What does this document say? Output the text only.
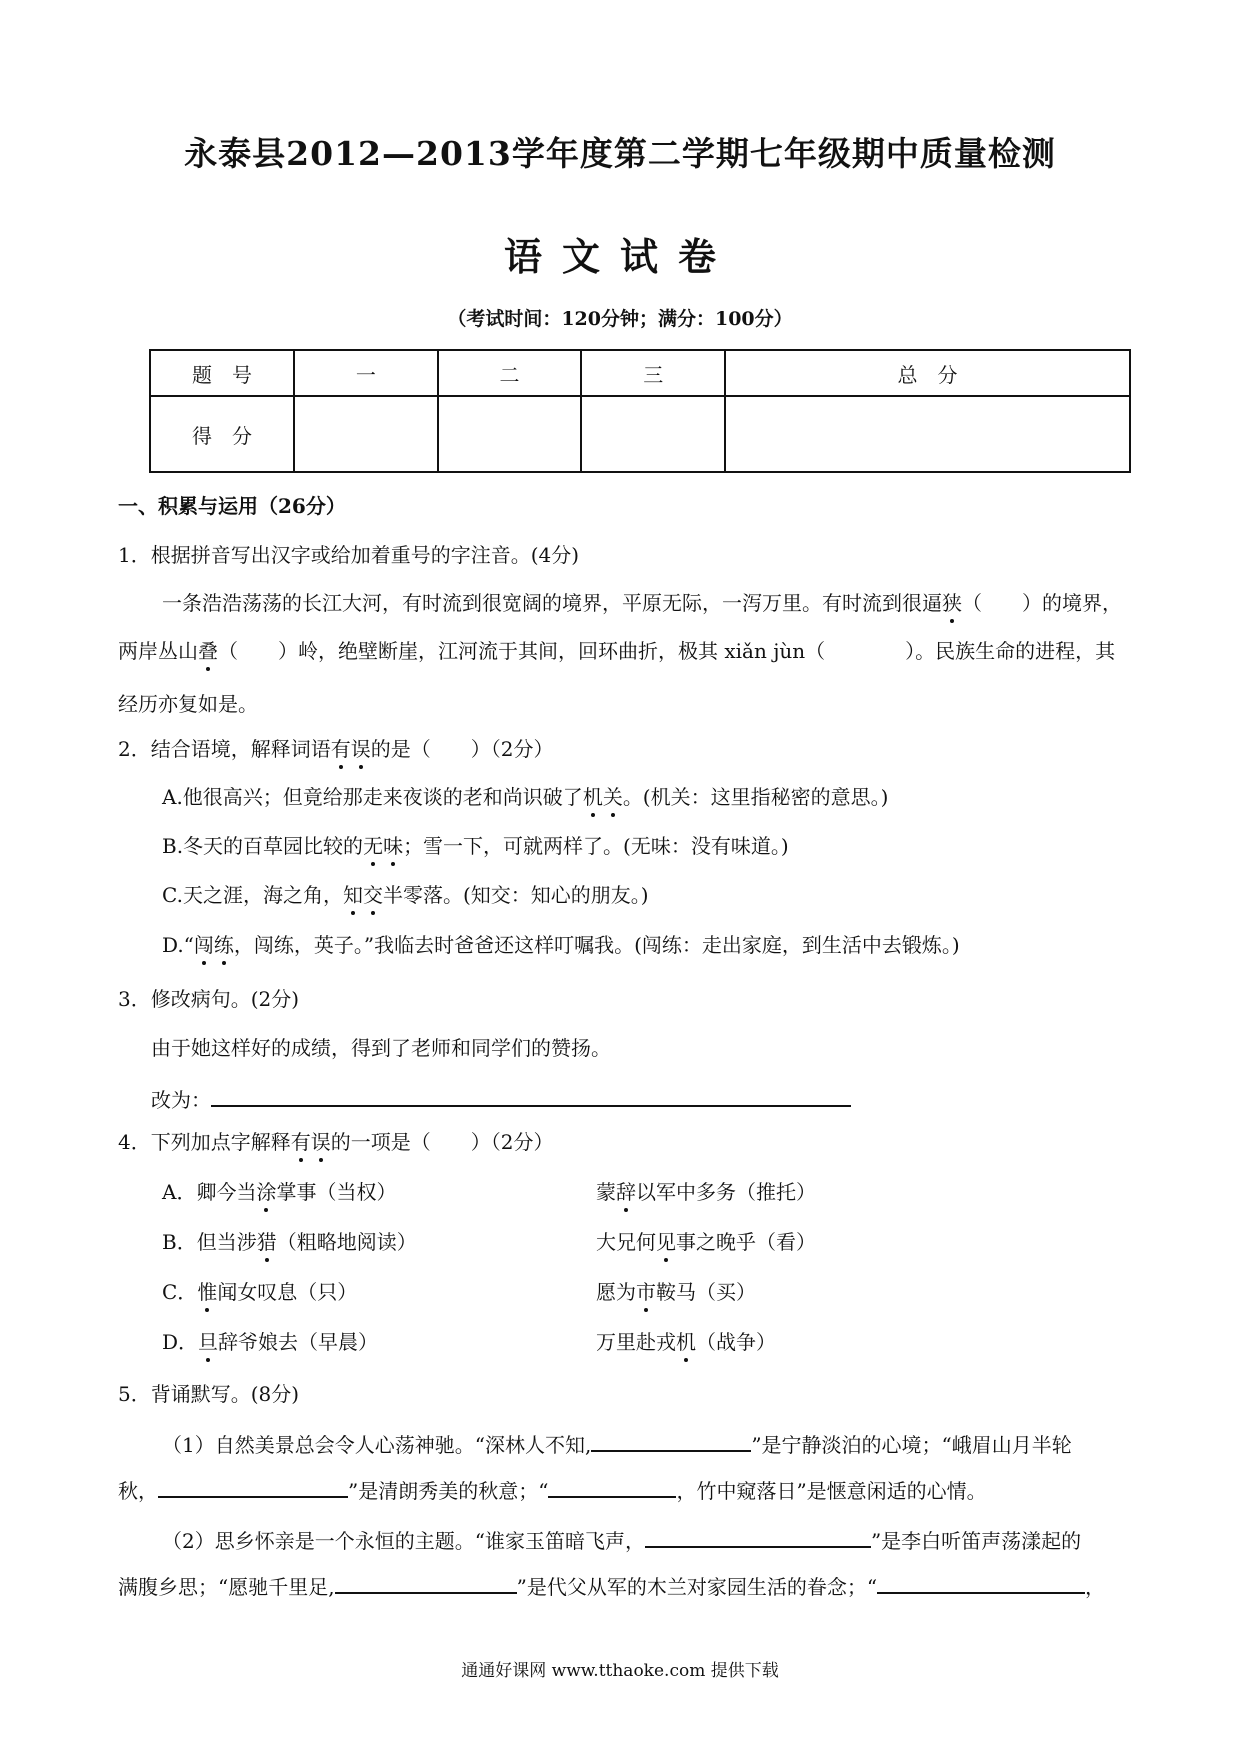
永泰县2012—2013学年度第二学期七年级期中质量检测
语文试卷
（考试时间：120分钟；满分：100分）
题　号	一	二	三	总　分
得　分				
一、积累与运用（26分）
1．根据拼音写出汉字或给加着重号的字注音。(4分)
一条浩浩荡荡的长江大河，有时流到很宽阔的境界，平原无际，一泻万里。有时流到很逼狭（　　）的境界，
两岸丛山叠（　　）岭，绝壁断崖，江河流于其间，回环曲折，极其 xiǎn jùn（　　　　）。民族生命的进程，其
经历亦复如是。
2．结合语境，解释词语有误的是（　　）（2分）
A.他很高兴；但竟给那走来夜谈的老和尚识破了机关。(机关：这里指秘密的意思。)
B.冬天的百草园比较的无味；雪一下，可就两样了。(无味：没有味道。)
C.天之涯，海之角，知交半零落。(知交：知心的朋友。)
D.“闯练，闯练，英子。”我临去时爸爸还这样叮嘱我。(闯练：走出家庭，到生活中去锻炼。)
3．修改病句。(2分)
由于她这样好的成绩，得到了老师和同学们的赞扬。
改为：
4．下列加点字解释有误的一项是（　　）（2分）
A．卿今当涂掌事（当权）	蒙辞以军中多务（推托）
B．但当涉猎（粗略地阅读）	大兄何见事之晚乎（看）
C．惟闻女叹息（只）	愿为市鞍马（买）
D．旦辞爷娘去（早晨）	万里赴戎机（战争）
5．背诵默写。(8分)
（1）自然美景总会令人心荡神驰。“深林人不知,	”是宁静淡泊的心境；“峨眉山月半轮
秋，	”是清朗秀美的秋意；“	，竹中窥落日”是惬意闲适的心情。
（2）思乡怀亲是一个永恒的主题。“谁家玉笛暗飞声，	”是李白听笛声荡漾起的
满腹乡思；“愿驰千里足,	”是代父从军的木兰对家园生活的眷念；“	，
通通好课网 www.tthaoke.com 提供下载
